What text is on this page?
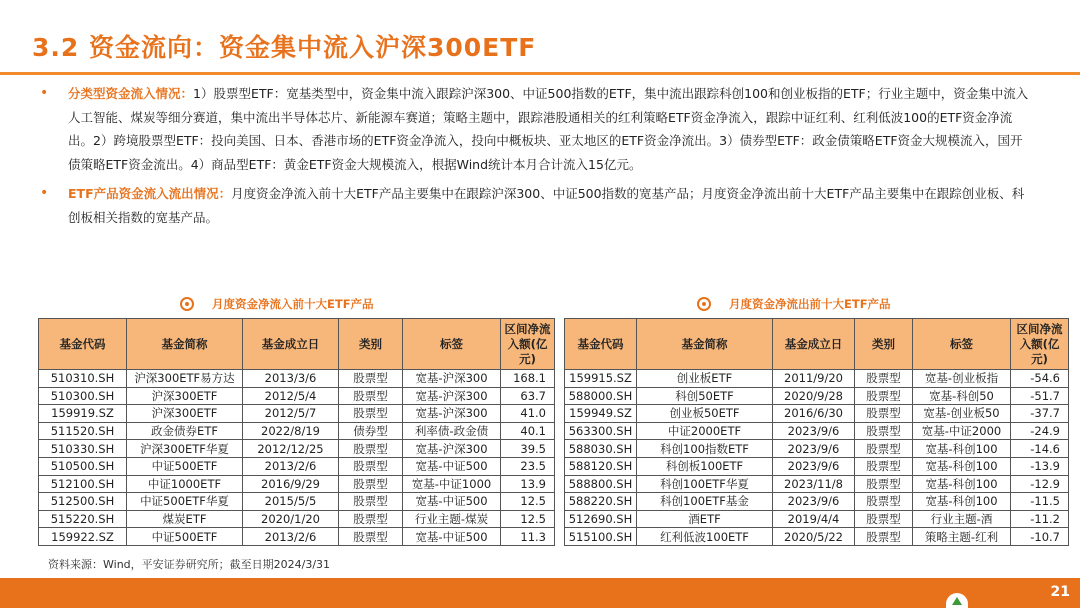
3.2 资金流向：资金集中流入沪深300ETF
• 分类型资金流入情况：1）股票型ETF：宽基类型中，资金集中流入跟踪沪深300、中证500指数的ETF，集中流出跟踪科创100和创业板指的ETF；行业主题中，资金集中流入人工智能、煤炭等细分赛道，集中流出半导体芯片、新能源车赛道；策略主题中，跟踪港股通相关的红利策略ETF资金净流入，跟踪中证红利、红利低波100的ETF资金净流出。2）跨境股票型ETF：投向美国、日本、香港市场的ETF资金净流入，投向中概板块、亚太地区的ETF资金净流出。3）债券型ETF：政金债策略ETF资金大规模流入，国开债策略ETF资金流出。4）商品型ETF：黄金ETF资金大规模流入，根据Wind统计本月合计流入15亿元。
• ETF产品资金流入流出情况：月度资金净流入前十大ETF产品主要集中在跟踪沪深300、中证500指数的宽基产品；月度资金净流出前十大ETF产品主要集中在跟踪创业板、科创板相关指数的宽基产品。
月度资金净流入前十大ETF产品	月度资金净流出前十大ETF产品
基金代码	基金简称	基金成立日	类别	标签	区间净流入额(亿元)
510310.SH	沪深300ETF易方达	2013/3/6	股票型	宽基-沪深300	168.1
510300.SH	沪深300ETF	2012/5/4	股票型	宽基-沪深300	63.7
159919.SZ	沪深300ETF	2012/5/7	股票型	宽基-沪深300	41.0
511520.SH	政金债券ETF	2022/8/19	债券型	利率债-政金债	40.1
510330.SH	沪深300ETF华夏	2012/12/25	股票型	宽基-沪深300	39.5
510500.SH	中证500ETF	2013/2/6	股票型	宽基-中证500	23.5
512100.SH	中证1000ETF	2016/9/29	股票型	宽基-中证1000	13.9
512500.SH	中证500ETF华夏	2015/5/5	股票型	宽基-中证500	12.5
515220.SH	煤炭ETF	2020/1/20	股票型	行业主题-煤炭	12.5
159922.SZ	中证500ETF	2013/2/6	股票型	宽基-中证500	11.3
基金代码	基金简称	基金成立日	类别	标签	区间净流入额(亿元)
159915.SZ	创业板ETF	2011/9/20	股票型	宽基-创业板指	-54.6
588000.SH	科创50ETF	2020/9/28	股票型	宽基-科创50	-51.7
159949.SZ	创业板50ETF	2016/6/30	股票型	宽基-创业板50	-37.7
563300.SH	中证2000ETF	2023/9/6	股票型	宽基-中证2000	-24.9
588030.SH	科创100指数ETF	2023/9/6	股票型	宽基-科创100	-14.6
588120.SH	科创板100ETF	2023/9/6	股票型	宽基-科创100	-13.9
588800.SH	科创100ETF华夏	2023/11/8	股票型	宽基-科创100	-12.9
588220.SH	科创100ETF基金	2023/9/6	股票型	宽基-科创100	-11.5
512690.SH	酒ETF	2019/4/4	股票型	行业主题-酒	-11.2
515100.SH	红利低波100ETF	2020/5/22	股票型	策略主题-红利	-10.7
资料来源：Wind，平安证券研究所；截至日期2024/3/31
21
